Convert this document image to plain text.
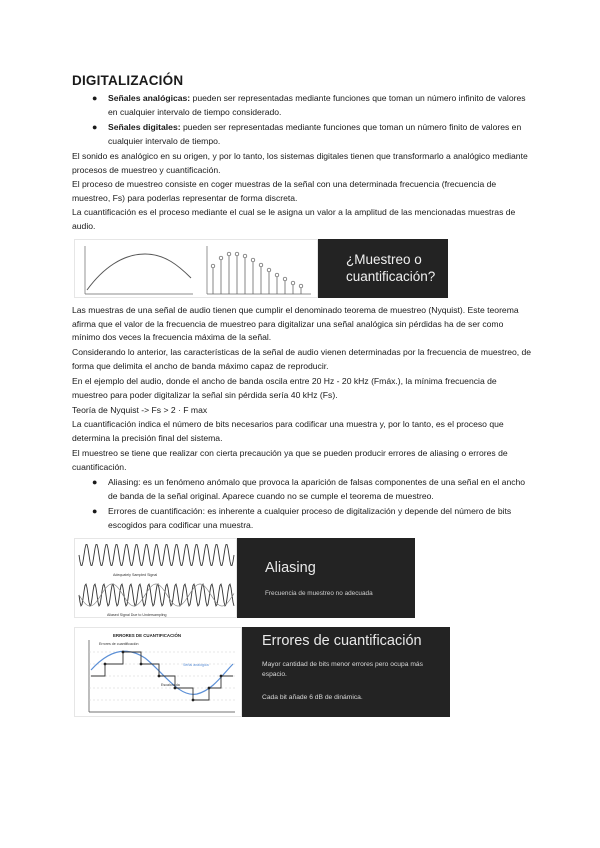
DIGITALIZACIÓN
● Señales analógicas: pueden ser representadas mediante funciones que toman un número infinito de valores en cualquier intervalo de tiempo considerado.
● Señales digitales: pueden ser representadas mediante funciones que toman un número finito de valores en cualquier intervalo de tiempo.
El sonido es analógico en su origen, y por lo tanto, los sistemas digitales tienen que transformarlo a analógico mediante procesos de muestreo y cuantificación.
El proceso de muestreo consiste en coger muestras de la señal con una determinada frecuencia (frecuencia de muestreo, Fs) para poderlas representar de forma discreta.
La cuantificación es el proceso mediante el cual se le asigna un valor a la amplitud de las mencionadas muestras de audio.
¿Muestreo o cuantificación?
Las muestras de una señal de audio tienen que cumplir el denominado teorema de muestreo (Nyquist). Este teorema afirma que el valor de la frecuencia de muestreo para digitalizar una señal analógica sin pérdidas ha de ser como mínimo dos veces la frecuencia máxima de la señal.
Considerando lo anterior, las características de la señal de audio vienen determinadas por la frecuencia de muestreo, de forma que delimita el ancho de banda máximo capaz de reproducir.
En el ejemplo del audio, donde el ancho de banda oscila entre 20 Hz - 20 kHz (Fmáx.), la mínima frecuencia de muestreo para poder digitalizar la señal sin pérdida sería 40 kHz (Fs).
Teoría de Nyquist -> Fs > 2 · F max
La cuantificación indica el número de bits necesarios para codificar una muestra y, por lo tanto, es el proceso que determina la precisión final del sistema.
El muestreo se tiene que realizar con cierta precaución ya que se pueden producir errores de aliasing o errores de cuantificación.
● Aliasing: es un fenómeno anómalo que provoca la aparición de falsas componentes de una señal en el ancho de banda de la señal original. Aparece cuando no se cumple el teorema de muestreo.
● Errores de cuantificación: es inherente a cualquier proceso de digitalización y depende del número de bits escogidos para codificar una muestra.
Adequately Sampled Signal
Aliased Signal Due to Undersampling
Aliasing
Frecuencia de muestreo no adecuada
ERRORES DE CUANTIFICACIÓN
Errores de cuantificación
Señal analógica
Escalonada
Errores de cuantificación
Mayor cantidad de bits menor errores pero ocupa más espacio.
Cada bit añade 6 dB de dinámica.
